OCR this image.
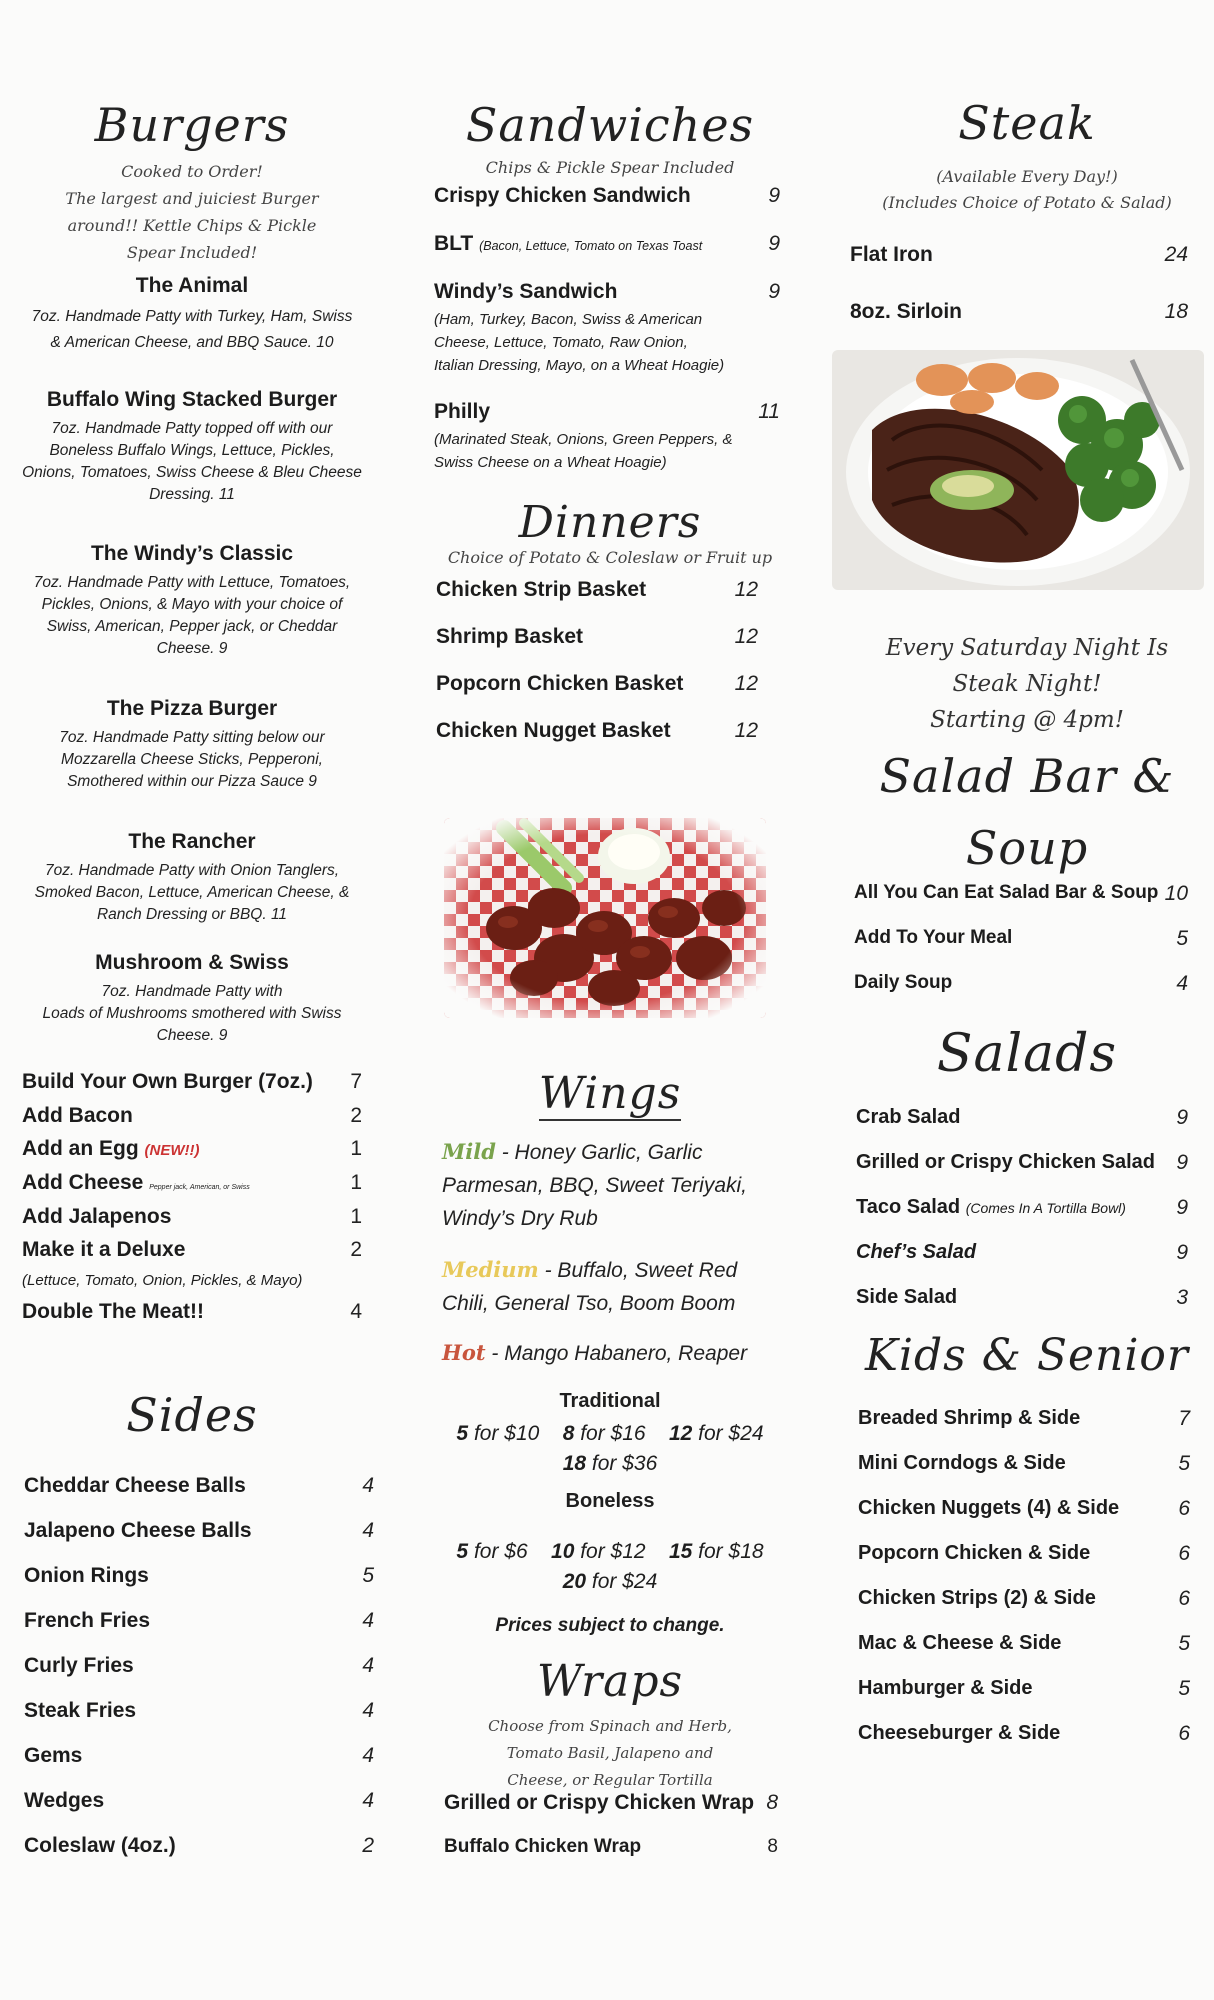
Burgers
Cooked to Order!
The largest and juiciest Burger
around!! Kettle Chips & Pickle
Spear Included!
The Animal
7oz. Handmade Patty with Turkey, Ham, Swiss
& American Cheese, and BBQ Sauce. 10
Buffalo Wing Stacked Burger
7oz. Handmade Patty topped off with our
Boneless Buffalo Wings, Lettuce, Pickles,
Onions, Tomatoes, Swiss Cheese & Bleu Cheese
Dressing. 11
The Windy’s Classic
7oz. Handmade Patty with Lettuce, Tomatoes,
Pickles, Onions, & Mayo with your choice of
Swiss, American, Pepper jack, or Cheddar
Cheese. 9
The Pizza Burger
7oz. Handmade Patty sitting below our
Mozzarella Cheese Sticks, Pepperoni,
Smothered within our Pizza Sauce 9
The Rancher
7oz. Handmade Patty with Onion Tanglers,
Smoked Bacon, Lettuce, American Cheese, &
Ranch Dressing or BBQ. 11
Mushroom & Swiss
7oz. Handmade Patty with
Loads of Mushrooms smothered with Swiss
Cheese. 9
Build Your Own Burger (7oz.) 7
Add Bacon	2
Add an Egg (NEW!!)	1
Add Cheese Pepper jack, American, or Swiss	1
Add Jalapenos	1
Make it a Deluxe	2
(Lettuce, Tomato, Onion, Pickles, & Mayo)
Double The Meat!!	4
Sides
Cheddar Cheese Balls	4
Jalapeno Cheese Balls	4
Onion Rings	5
French Fries	4
Curly Fries	4
Steak Fries	4
Gems	4
Wedges	4
Coleslaw (4oz.)	2
Sandwiches
Chips & Pickle Spear Included
Crispy Chicken Sandwich	9
BLT (Bacon, Lettuce, Tomato on Texas Toast	9
Windy’s Sandwich	9
(Ham, Turkey, Bacon, Swiss & American
Cheese, Lettuce, Tomato, Raw Onion,
Italian Dressing, Mayo, on a Wheat Hoagie)
Philly	11
(Marinated Steak, Onions, Green Peppers, &
Swiss Cheese on a Wheat Hoagie)
Dinners
Choice of Potato & Coleslaw or Fruit up
Chicken Strip Basket	12
Shrimp Basket	12
Popcorn Chicken Basket 12
Chicken Nugget Basket	12
Wings
Mild - Honey Garlic, Garlic
Parmesan, BBQ, Sweet Teriyaki,
Windy’s Dry Rub
Medium - Buffalo, Sweet Red
Chili, General Tso, Boom Boom
Hot - Mango Habanero, Reaper
Traditional
5 for $10 8 for $16 12 for $24
18 for $36
Boneless
5 for $6 10 for $12 15 for $18
20 for $24
Prices subject to change.
Wraps
Choose from Spinach and Herb,
Tomato Basil, Jalapeno and
Cheese, or Regular Tortilla
Grilled or Crispy Chicken Wrap 8
Buffalo Chicken Wrap	8
Steak
(Available Every Day!)
(Includes Choice of Potato & Salad)
Flat Iron	24
8oz. Sirloin	18
Every Saturday Night Is
Steak Night!
Starting @ 4pm!
Salad Bar &
Soup
All You Can Eat Salad Bar & Soup 10
Add To Your Meal	5
Daily Soup	4
Salads
Crab Salad	9
Grilled or Crispy Chicken Salad 9
Taco Salad (Comes In A Tortilla Bowl) 9
Chef’s Salad	9
Side Salad	3
Kids & Senior
Breaded Shrimp & Side	7
Mini Corndogs & Side	5
Chicken Nuggets (4) & Side	6
Popcorn Chicken & Side	6
Chicken Strips (2) & Side	6
Mac & Cheese & Side	5
Hamburger & Side	5
Cheeseburger & Side	6
